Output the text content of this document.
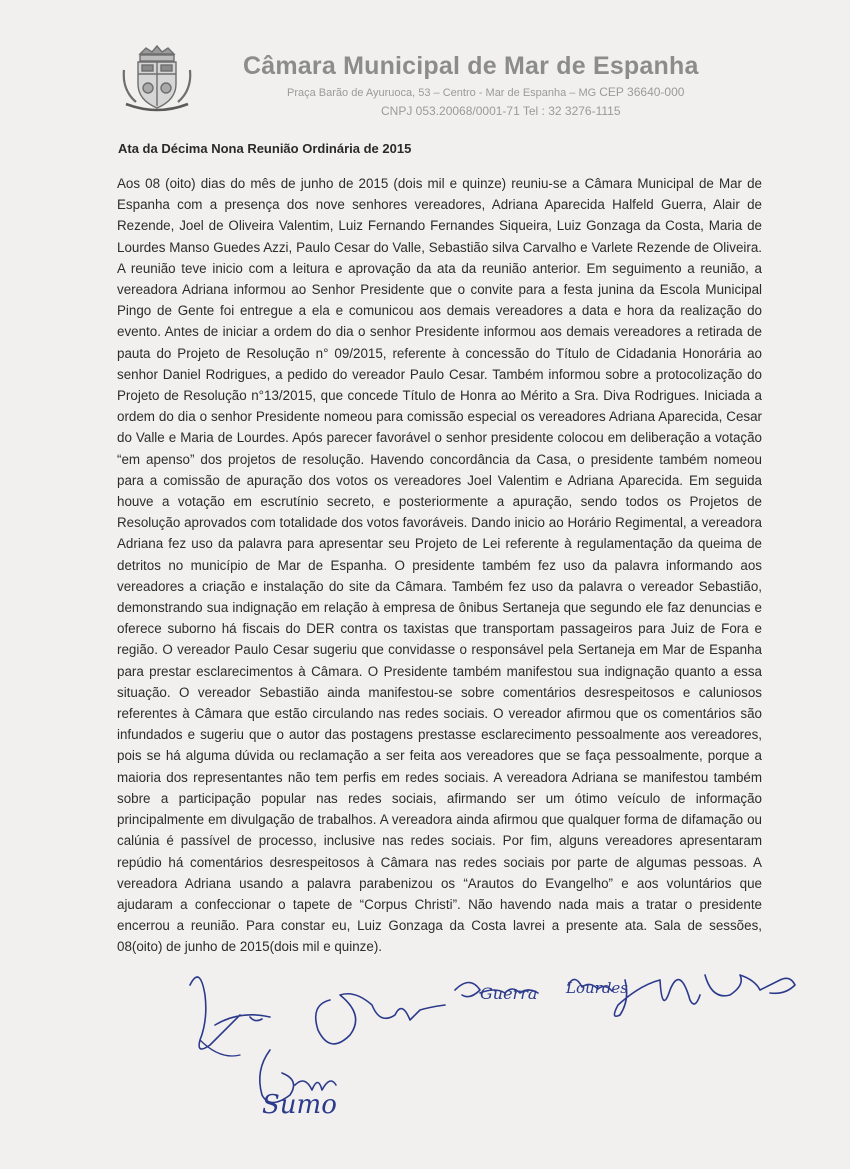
Câmara Municipal de Mar de Espanha
Praça Barão de Ayuruoca, 53 – Centro - Mar de Espanha – MG CEP 36640-000
CNPJ 053.20068/0001-71 Tel : 32 3276-1115
Ata da Décima Nona Reunião Ordinária de 2015
Aos 08 (oito) dias do mês de junho de 2015 (dois mil e quinze) reuniu-se a Câmara Municipal de Mar de Espanha com a presença dos nove senhores vereadores, Adriana Aparecida Halfeld Guerra, Alair de Rezende, Joel de Oliveira Valentim, Luiz Fernando Fernandes Siqueira, Luiz Gonzaga da Costa, Maria de Lourdes Manso Guedes Azzi, Paulo Cesar do Valle, Sebastião silva Carvalho e Varlete Rezende de Oliveira. A reunião teve inicio com a leitura e aprovação da ata da reunião anterior. Em seguimento a reunião, a vereadora Adriana informou ao Senhor Presidente que o convite para a festa junina da Escola Municipal Pingo de Gente foi entregue a ela e comunicou aos demais vereadores a data e hora da realização do evento. Antes de iniciar a ordem do dia o senhor Presidente informou aos demais vereadores a retirada de pauta do Projeto de Resolução n° 09/2015, referente à concessão do Título de Cidadania Honorária ao senhor Daniel Rodrigues, a pedido do vereador Paulo Cesar. Também informou sobre a protocolização do Projeto de Resolução n°13/2015, que concede Título de Honra ao Mérito a Sra. Diva Rodrigues. Iniciada a ordem do dia o senhor Presidente nomeou para comissão especial os vereadores Adriana Aparecida, Cesar do Valle e Maria de Lourdes. Após parecer favorável o senhor presidente colocou em deliberação a votação “em apenso” dos projetos de resolução. Havendo concordância da Casa, o presidente também nomeou para a comissão de apuração dos votos os vereadores Joel Valentim e Adriana Aparecida. Em seguida houve a votação em escrutínio secreto, e posteriormente a apuração, sendo todos os Projetos de Resolução aprovados com totalidade dos votos favoráveis. Dando inicio ao Horário Regimental, a vereadora Adriana fez uso da palavra para apresentar seu Projeto de Lei referente à regulamentação da queima de detritos no município de Mar de Espanha. O presidente também fez uso da palavra informando aos vereadores a criação e instalação do site da Câmara. Também fez uso da palavra o vereador Sebastião, demonstrando sua indignação em relação à empresa de ônibus Sertaneja que segundo ele faz denuncias e oferece suborno há fiscais do DER contra os taxistas que transportam passageiros para Juiz de Fora e região. O vereador Paulo Cesar sugeriu que convidasse o responsável pela Sertaneja em Mar de Espanha para prestar esclarecimentos à Câmara. O Presidente também manifestou sua indignação quanto a essa situação. O vereador Sebastião ainda manifestou-se sobre comentários desrespeitosos e caluniosos referentes à Câmara que estão circulando nas redes sociais. O vereador afirmou que os comentários são infundados e sugeriu que o autor das postagens prestasse esclarecimento pessoalmente aos vereadores, pois se há alguma dúvida ou reclamação a ser feita aos vereadores que se faça pessoalmente, porque a maioria dos representantes não tem perfis em redes sociais. A vereadora Adriana se manifestou também sobre a participação popular nas redes sociais, afirmando ser um ótimo veículo de informação principalmente em divulgação de trabalhos. A vereadora ainda afirmou que qualquer forma de difamação ou calúnia é passível de processo, inclusive nas redes sociais. Por fim, alguns vereadores apresentaram repúdio há comentários desrespeitosos à Câmara nas redes sociais por parte de algumas pessoas. A vereadora Adriana usando a palavra parabenizou os “Arautos do Evangelho” e aos voluntários que ajudaram a confeccionar o tapete de “Corpus Christi”. Não havendo nada mais a tratar o presidente encerrou a reunião. Para constar eu, Luiz Gonzaga da Costa lavrei a presente ata. Sala de sessões, 08(oito) de junho de 2015(dois mil e quinze).
Guerra Lourdes
Sumo
